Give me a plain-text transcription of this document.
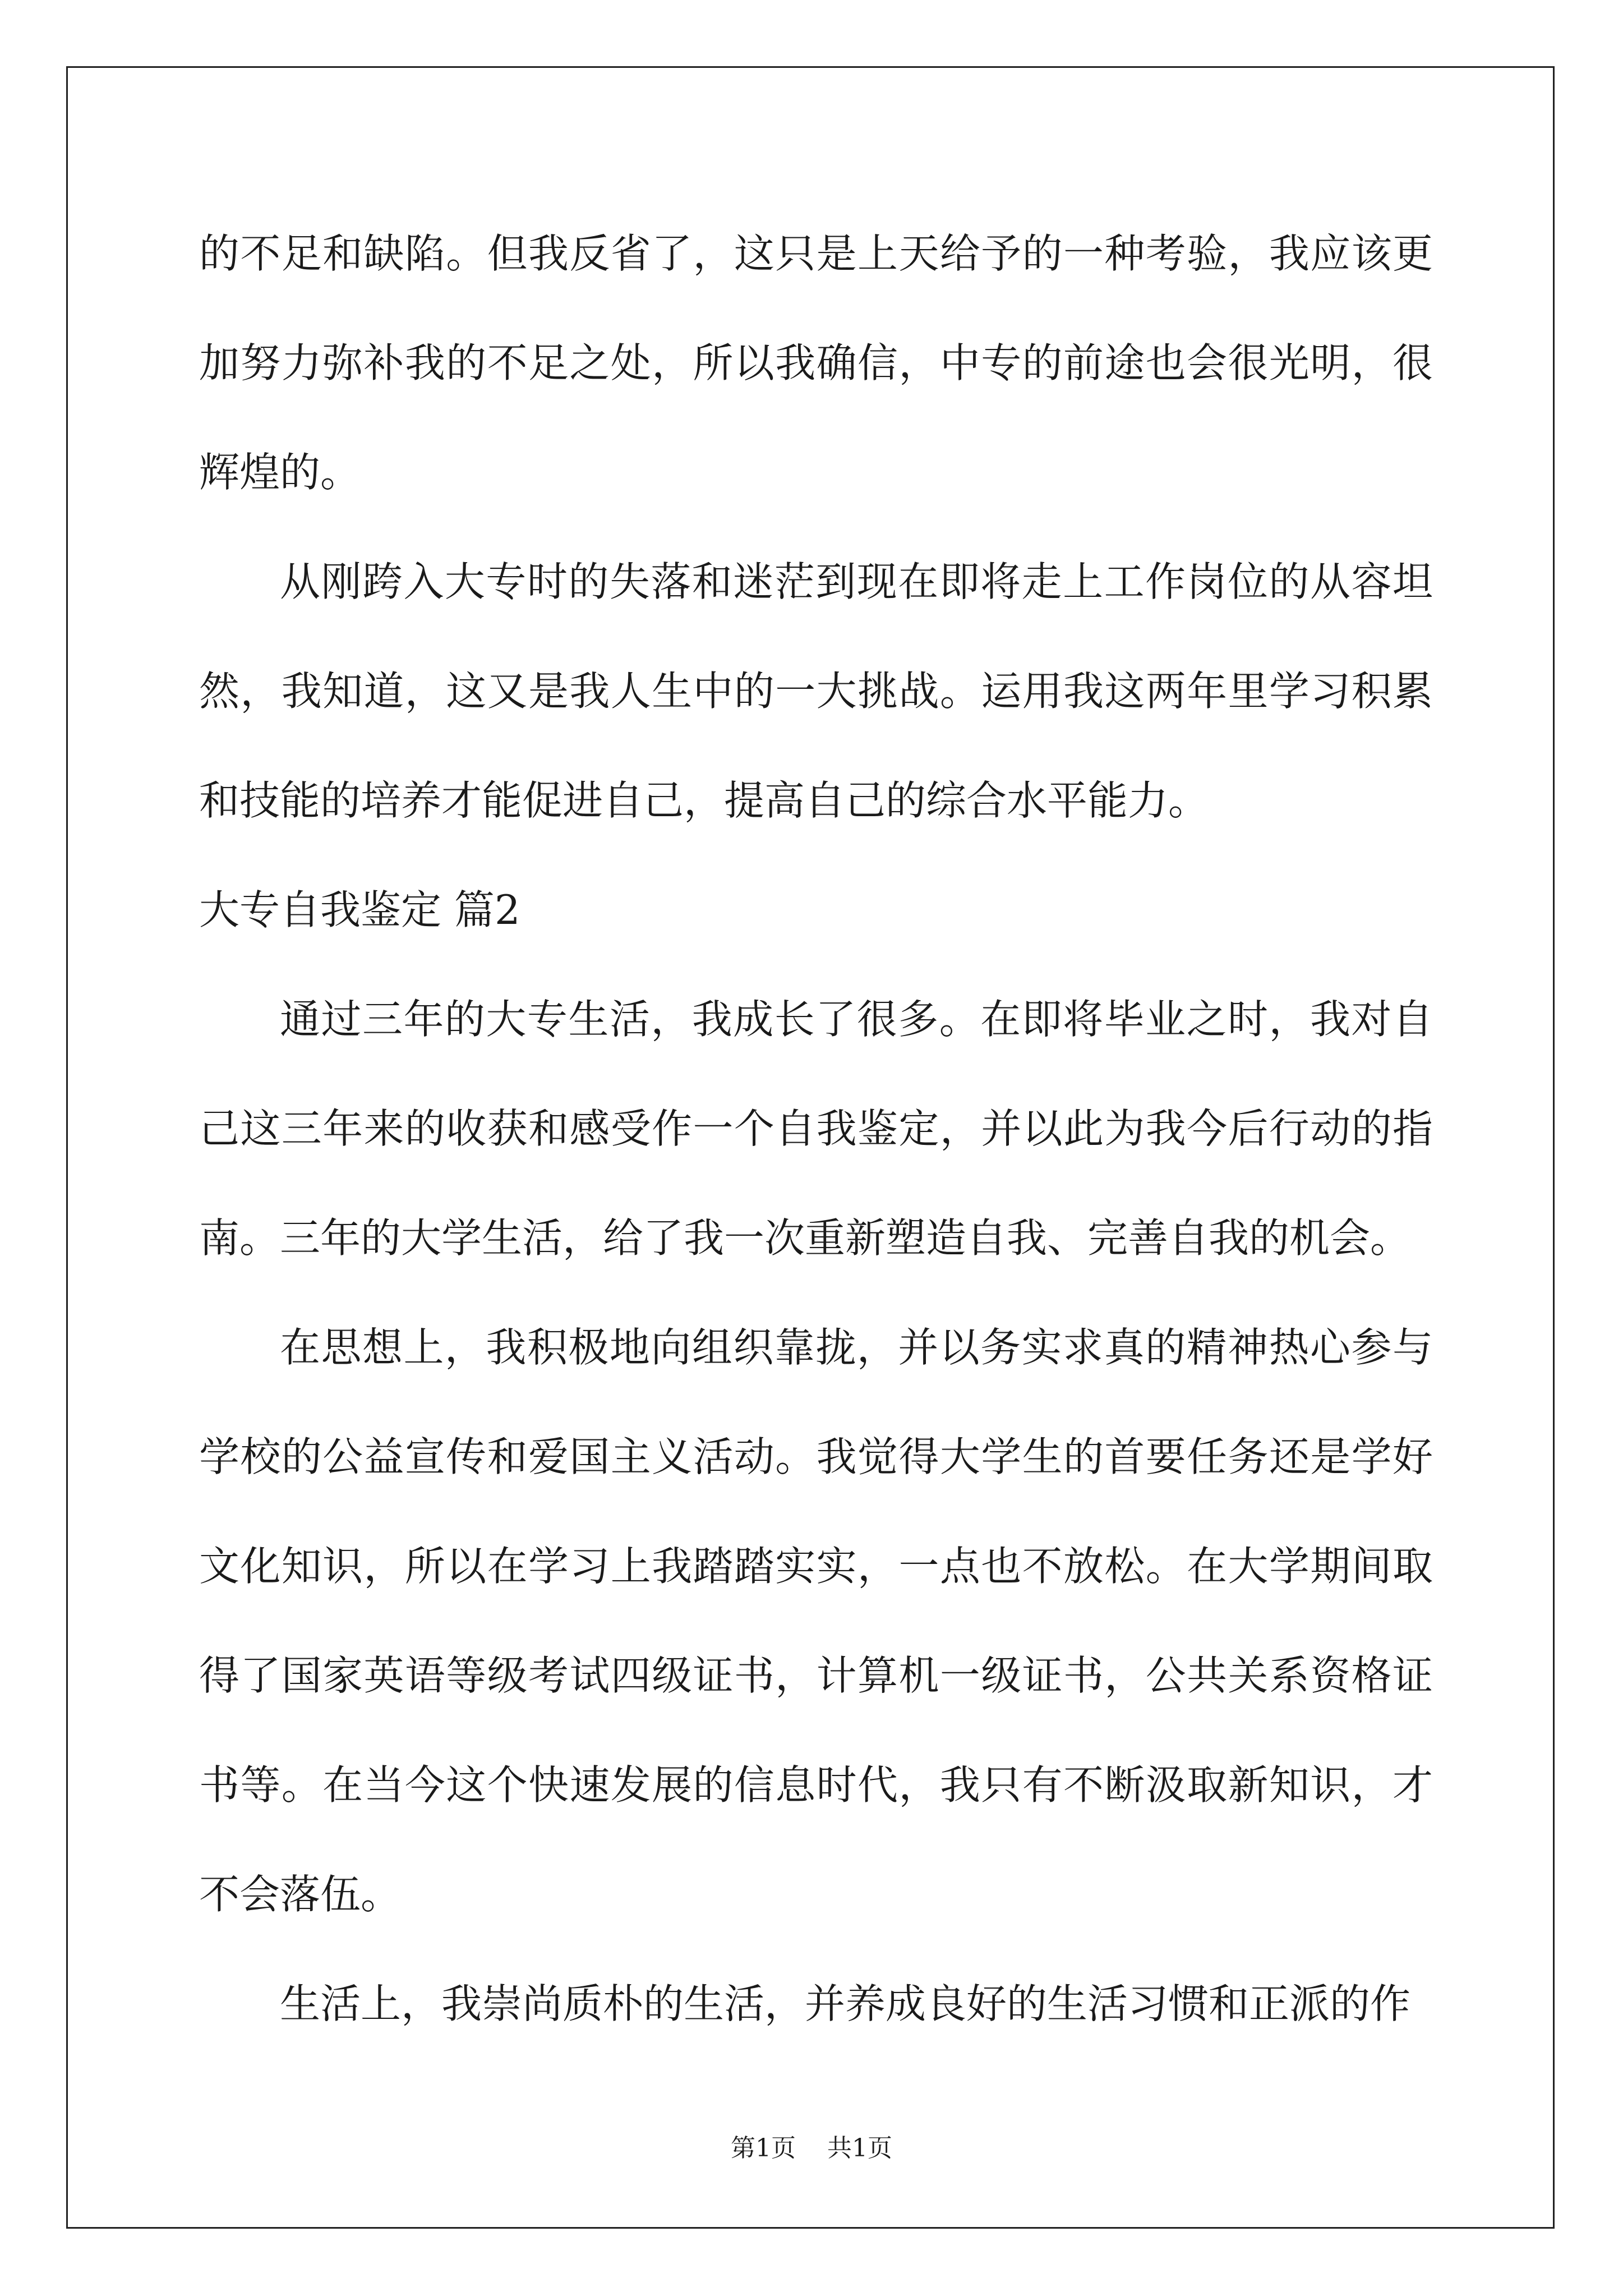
的不足和缺陷。但我反省了，这只是上天给予的一种考验，我应该更
加努力弥补我的不足之处，所以我确信，中专的前途也会很光明，很
辉煌的。
从刚跨入大专时的失落和迷茫到现在即将走上工作岗位的从容坦
然，我知道，这又是我人生中的一大挑战。运用我这两年里学习积累
和技能的培养才能促进自己，提高自己的综合水平能力。
大专自我鉴定 篇2
通过三年的大专生活，我成长了很多。在即将毕业之时，我对自
己这三年来的收获和感受作一个自我鉴定，并以此为我今后行动的指
南。三年的大学生活，给了我一次重新塑造自我、完善自我的机会。
在思想上，我积极地向组织靠拢，并以务实求真的精神热心参与
学校的公益宣传和爱国主义活动。我觉得大学生的首要任务还是学好
文化知识，所以在学习上我踏踏实实，一点也不放松。在大学期间取
得了国家英语等级考试四级证书，计算机一级证书，公共关系资格证
书等。在当今这个快速发展的信息时代，我只有不断汲取新知识，才
不会落伍。
生活上，我崇尚质朴的生活，并养成良好的生活习惯和正派的作
第1页 共1页
